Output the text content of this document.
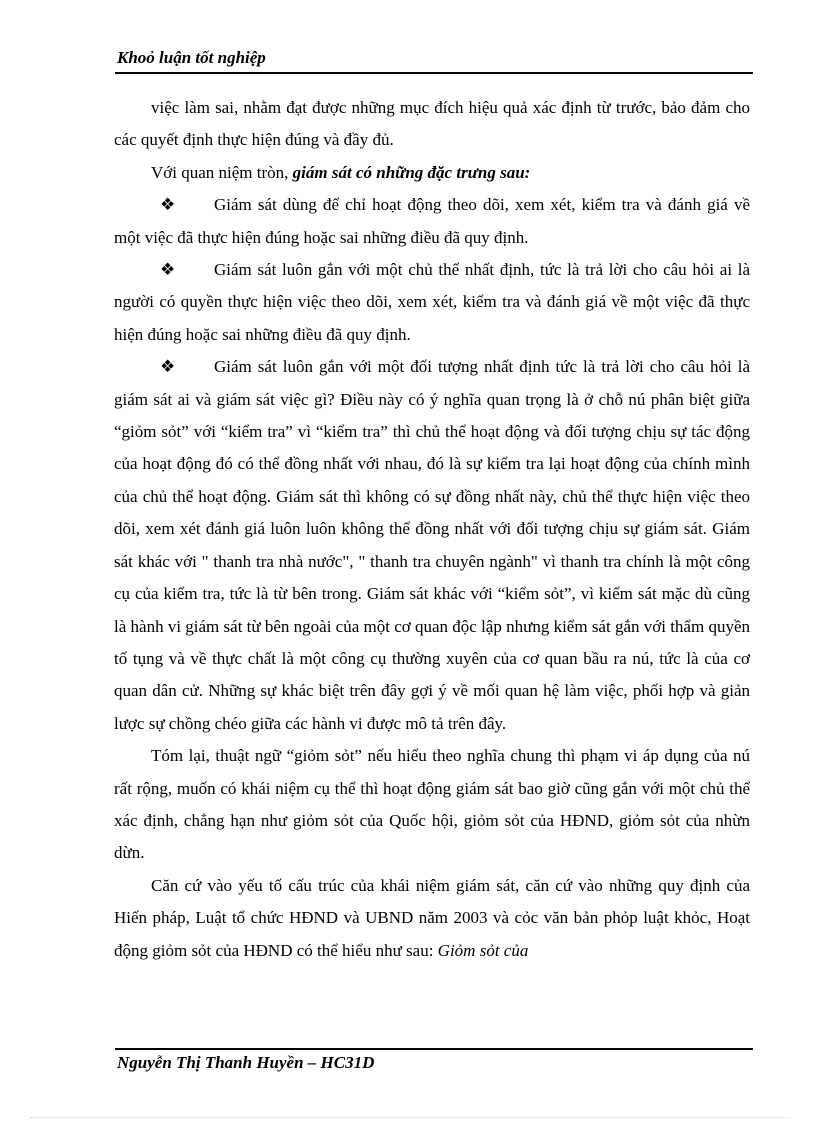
Khoỏ luận tốt nghiệp

việc làm sai, nhằm đạt được những mục đích hiệu quả xác định từ trước, bảo đảm cho các quyết định thực hiện đúng và đầy đủ.

Với quan niệm tròn, giám sát có những đặc trưng sau:

❖ Giám sát dùng để chỉ hoạt động theo dõi, xem xét, kiểm tra và đánh giá về một việc đã thực hiện đúng hoặc sai những điều đã quy định.

❖ Giám sát luôn gắn với một chủ thể nhất định, tức là trả lời cho câu hỏi ai là người có quyền thực hiện việc theo dõi, xem xét, kiểm tra và đánh giá về một việc đã thực hiện đúng hoặc sai những điều đã quy định.

❖ Giám sát luôn gắn với một đối tượng nhất định tức là trả lời cho câu hỏi là giám sát ai và giám sát việc gì? Điều này có ý nghĩa quan trọng là ở chỗ nú phân biệt giữa “giỏm sỏt” với “kiểm tra” vì “kiểm tra” thì chủ thể hoạt động và đối tượng chịu sự tác động của hoạt động đó có thể đồng nhất với nhau, đó là sự kiểm tra lại hoạt động của chính mình của chủ thể hoạt động. Giám sát thì không có sự đồng nhất này, chủ thể thực hiện việc theo dõi, xem xét đánh giá luôn luôn không thể đồng nhất với đối tượng chịu sự giám sát. Giám sát khác với " thanh tra nhà nước", " thanh tra chuyên ngành" vì thanh tra chính là một công cụ của kiểm tra, tức là từ bên trong. Giám sát khác với “kiểm sỏt”, vì kiểm sát mặc dù cũng là hành vi giám sát từ bên ngoài của một cơ quan độc lập nhưng kiểm sát gắn với thẩm quyền tố tụng và về thực chất là một công cụ thường xuyên của cơ quan bầu ra nú, tức là của cơ quan dân cử. Những sự khác biệt trên đây gợi ý về mối quan hệ làm việc, phối hợp và giản lược sự chồng chéo giữa các hành vi được mô tả trên đây.

Tóm lại, thuật ngữ “giỏm sỏt” nếu hiểu theo nghĩa chung thì phạm vi áp dụng của nú rất rộng, muốn có khái niệm cụ thể thì hoạt động giám sát bao giờ cũng gắn với một chủ thể xác định, chẳng hạn như giỏm sỏt của Quốc hội, giỏm sỏt của HĐND, giỏm sỏt của nhừn dừn.

Căn cứ vào yếu tố cấu trúc của khái niệm giám sát, căn cứ vào những quy định của Hiến pháp, Luật tổ chức HĐND và UBND năm 2003 và cỏc văn bản phỏp luật khỏc, Hoạt động giỏm sỏt của HĐND có thể hiểu như sau: Giỏm sỏt của

Nguyễn Thị Thanh Huyền – HC31D
